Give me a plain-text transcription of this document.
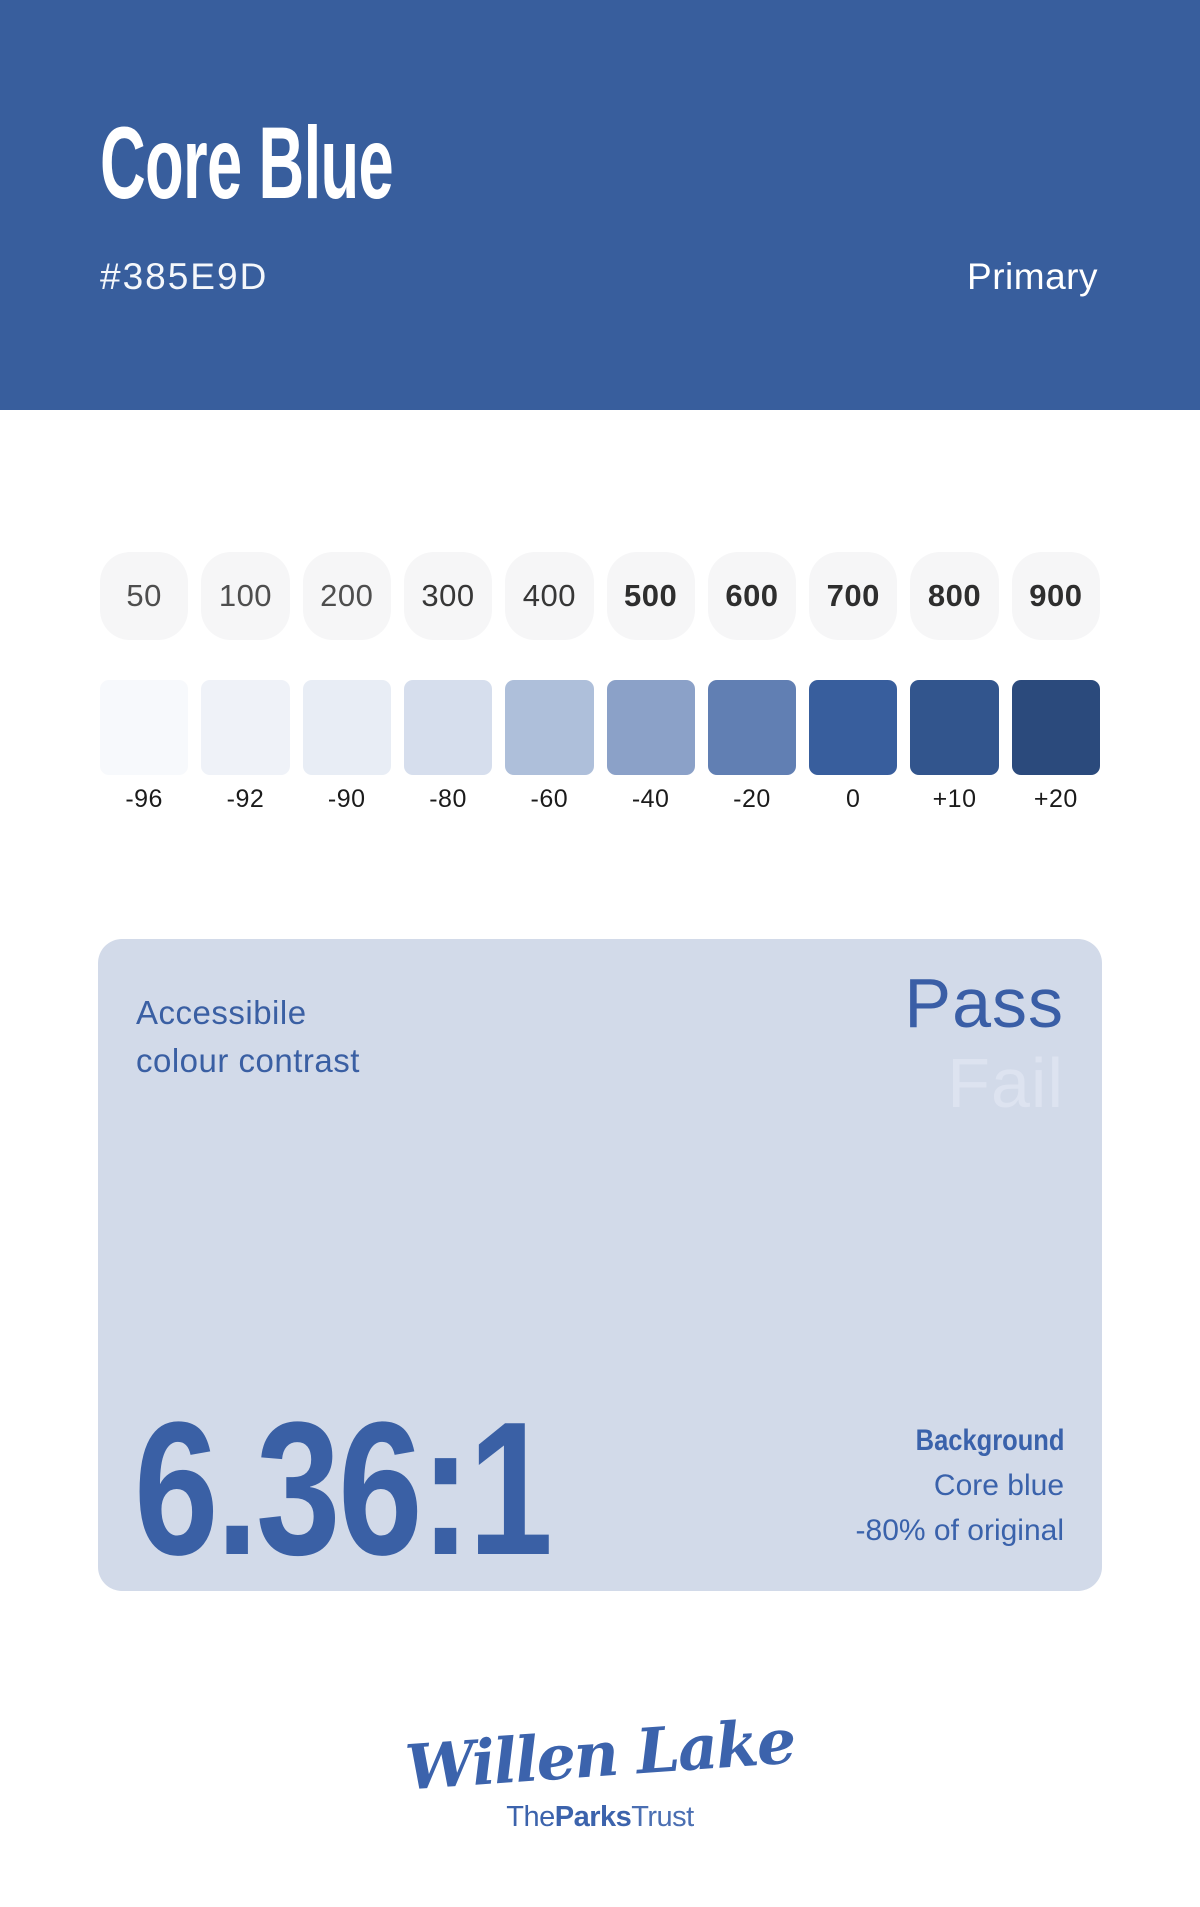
Core Blue
#385E9D	Primary
50
-96
100
-92
200
-90
300
-80
400
-60
500
-40
600
-20
700
0
800
+10
900
+20
Accessibile
colour contrast
Pass
Fail
6.36:1	Background
Core blue
-80% of original
Willen Lake
TheParksTrust
